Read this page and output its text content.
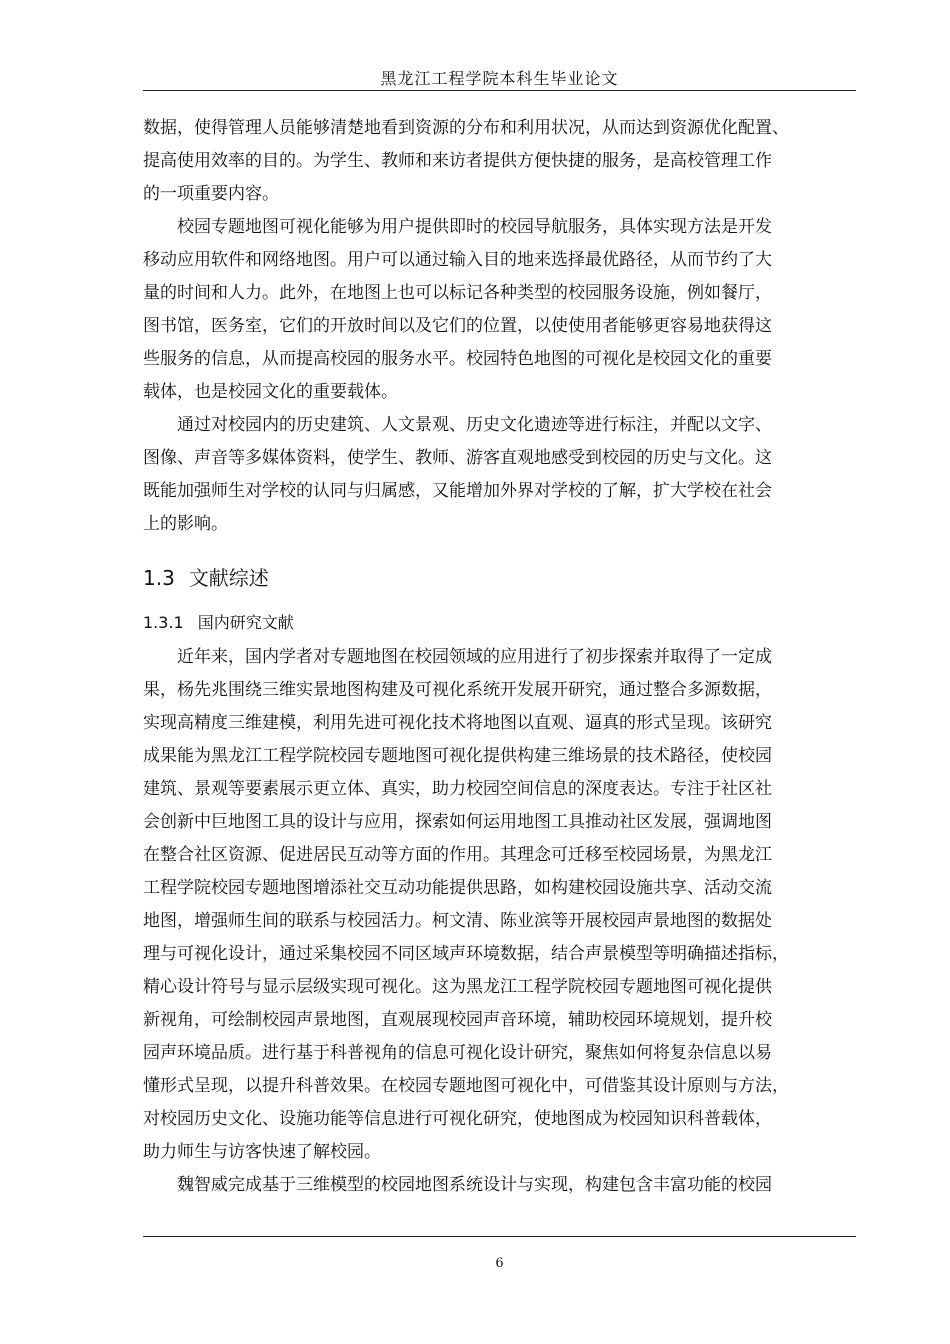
黑龙江工程学院本科生毕业论文

数据，使得管理人员能够清楚地看到资源的分布和利用状况，从而达到资源优化配置、
提高使用效率的目的。为学生、教师和来访者提供方便快捷的服务，是高校管理工作
的一项重要内容。

　　校园专题地图可视化能够为用户提供即时的校园导航服务，具体实现方法是开发
移动应用软件和网络地图。用户可以通过输入目的地来选择最优路径，从而节约了大
量的时间和人力。此外，在地图上也可以标记各种类型的校园服务设施，例如餐厅，
图书馆，医务室，它们的开放时间以及它们的位置，以使使用者能够更容易地获得这
些服务的信息，从而提高校园的服务水平。校园特色地图的可视化是校园文化的重要
载体，也是校园文化的重要载体。

　　通过对校园内的历史建筑、人文景观、历史文化遗迹等进行标注，并配以文字、
图像、声音等多媒体资料，使学生、教师、游客直观地感受到校园的历史与文化。这
既能加强师生对学校的认同与归属感，又能增加外界对学校的了解，扩大学校在社会
上的影响。

1.3 文献综述
1.3.1 国内研究文献

　　近年来，国内学者对专题地图在校园领域的应用进行了初步探索并取得了一定成
果，杨先兆围绕三维实景地图构建及可视化系统开发展开研究，通过整合多源数据，
实现高精度三维建模，利用先进可视化技术将地图以直观、逼真的形式呈现。该研究
成果能为黑龙江工程学院校园专题地图可视化提供构建三维场景的技术路径，使校园
建筑、景观等要素展示更立体、真实，助力校园空间信息的深度表达。专注于社区社
会创新中巨地图工具的设计与应用，探索如何运用地图工具推动社区发展，强调地图
在整合社区资源、促进居民互动等方面的作用。其理念可迁移至校园场景，为黑龙江
工程学院校园专题地图增添社交互动功能提供思路，如构建校园设施共享、活动交流
地图，增强师生间的联系与校园活力。柯文清、陈业滨等开展校园声景地图的数据处
理与可视化设计，通过采集校园不同区域声环境数据，结合声景模型等明确描述指标，
精心设计符号与显示层级实现可视化。这为黑龙江工程学院校园专题地图可视化提供
新视角，可绘制校园声景地图，直观展现校园声音环境，辅助校园环境规划，提升校
园声环境品质。进行基于科普视角的信息可视化设计研究，聚焦如何将复杂信息以易
懂形式呈现，以提升科普效果。在校园专题地图可视化中，可借鉴其设计原则与方法，
对校园历史文化、设施功能等信息进行可视化研究，使地图成为校园知识科普载体，
助力师生与访客快速了解校园。

　　魏智威完成基于三维模型的校园地图系统设计与实现，构建包含丰富功能的校园

6
